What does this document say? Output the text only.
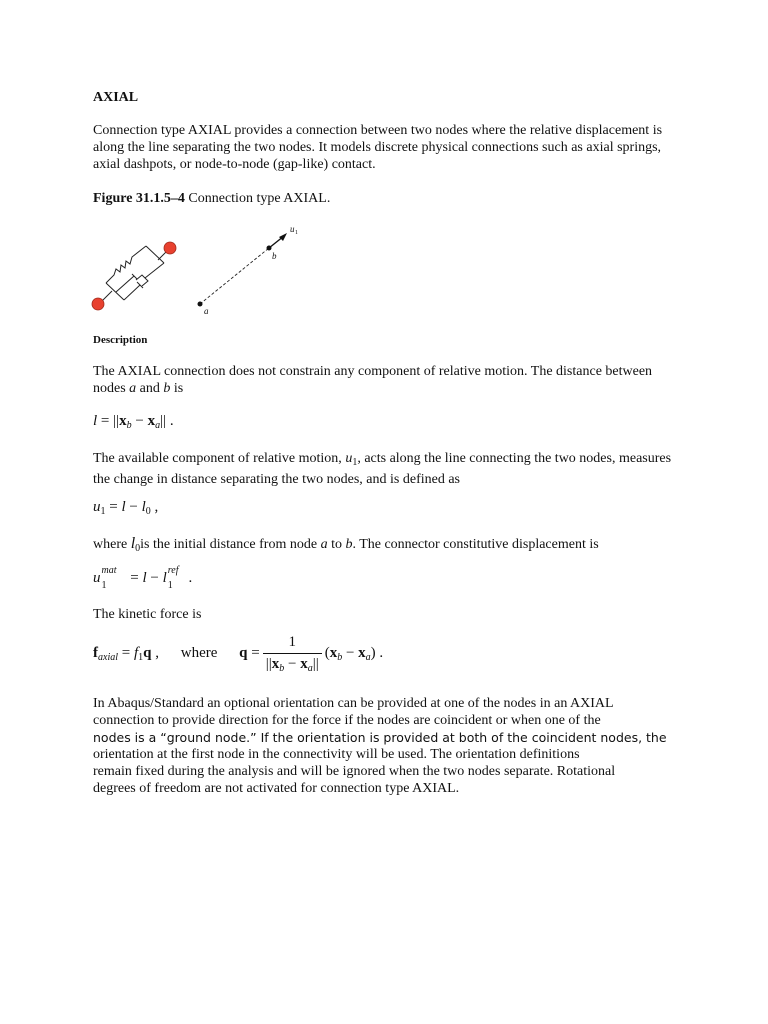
AXIAL
Connection type AXIAL provides a connection between two nodes where the relative displacement is along the line separating the two nodes. It models discrete physical connections such as axial springs, axial dashpots, or node-to-node (gap-like) contact.
Figure 31.1.5–4 Connection type AXIAL.
a
b
u 1
Description
The AXIAL connection does not constrain any component of relative motion. The distance between nodes a and b is
$l = ||x_b - x_a||$ .
The available component of relative motion, $u_1$, acts along the line connecting the two nodes, measures the change in distance separating the two nodes, and is defined as
$u_1 = l - l_0$ ,
where $l_0is$ the initial distance from node a to b. The connector constitutive displacement is
u mat
1 = l − l ref
1 .
The kinetic force is
$f_{axial} = f_1q$ , where $q = \frac{1}{||x_b - x_a||} (x_b - x_a)$ .
In Abaqus/Standard an optional orientation can be provided at one of the nodes in an AXIAL
connection to provide direction for the force if the nodes are coincident or when one of the
nodes is a “ground node.” If the orientation is provided at both of the coincident nodes, the
orientation at the first node in the connectivity will be used. The orientation definitions
remain fixed during the analysis and will be ignored when the two nodes separate. Rotational
degrees of freedom are not activated for connection type AXIAL.
